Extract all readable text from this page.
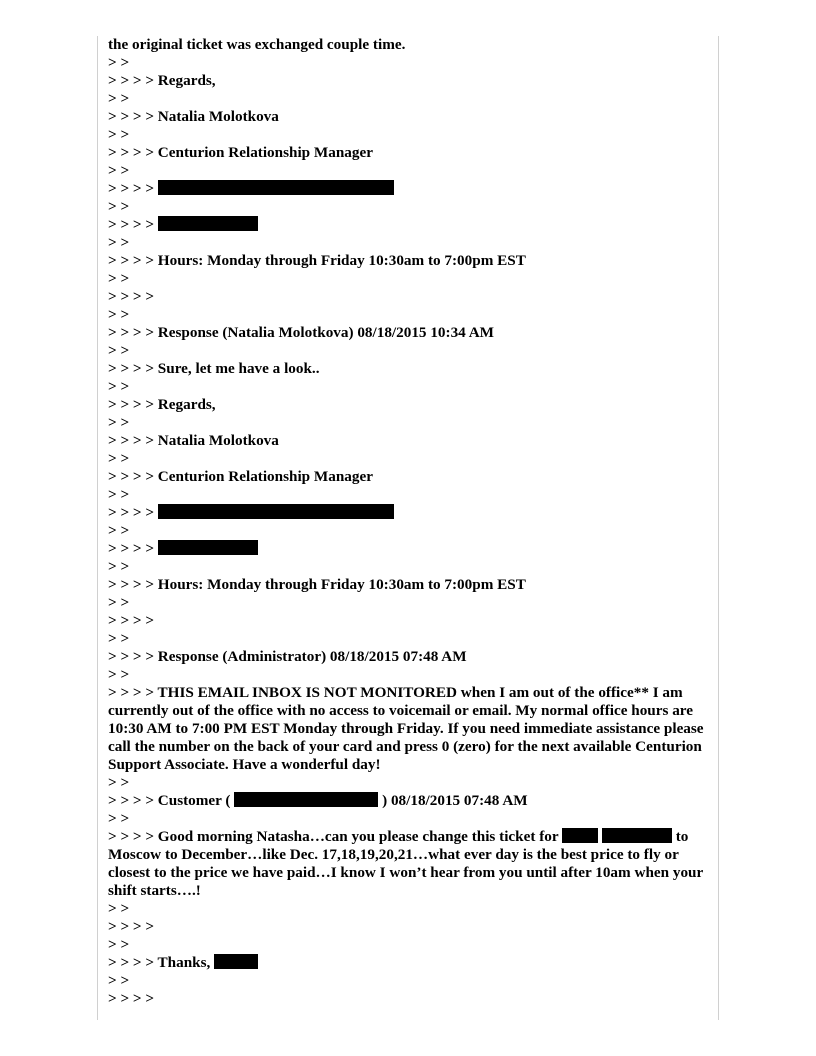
the original ticket was exchanged couple time.
> >
> > > > Regards,
> >
> > > > Natalia Molotkova
> >
> > > > Centurion Relationship Manager
> >
> > > >
> >
> > > >
> >
> > > > Hours: Monday through Friday 10:30am to 7:00pm EST
> >
> > > >
> >
> > > > Response (Natalia Molotkova) 08/18/2015 10:34 AM
> >
> > > > Sure, let me have a look..
> >
> > > > Regards,
> >
> > > > Natalia Molotkova
> >
> > > > Centurion Relationship Manager
> >
> > > >
> >
> > > >
> >
> > > > Hours: Monday through Friday 10:30am to 7:00pm EST
> >
> > > >
> >
> > > > Response (Administrator) 08/18/2015 07:48 AM
> >
> > > > THIS EMAIL INBOX IS NOT MONITORED when I am out of the office** I am currently out of the office with no access to voicemail or email. My normal office hours are 10:30 AM to 7:00 PM EST Monday through Friday. If you need immediate assistance please call the number on the back of your card and press 0 (zero) for the next available Centurion Support Associate. Have a wonderful day!
> >
> > > > Customer (	) 08/18/2015 07:48 AM
> >
> > > > Good morning Natasha…can you please change this ticket for	to Moscow to December…like Dec. 17,18,19,20,21…what ever day is the best price to fly or closest to the price we have paid…I know I won’t hear from you until after 10am when your shift starts….!
> >
> > > >
> >
> > > > Thanks,
> >
> > > >
